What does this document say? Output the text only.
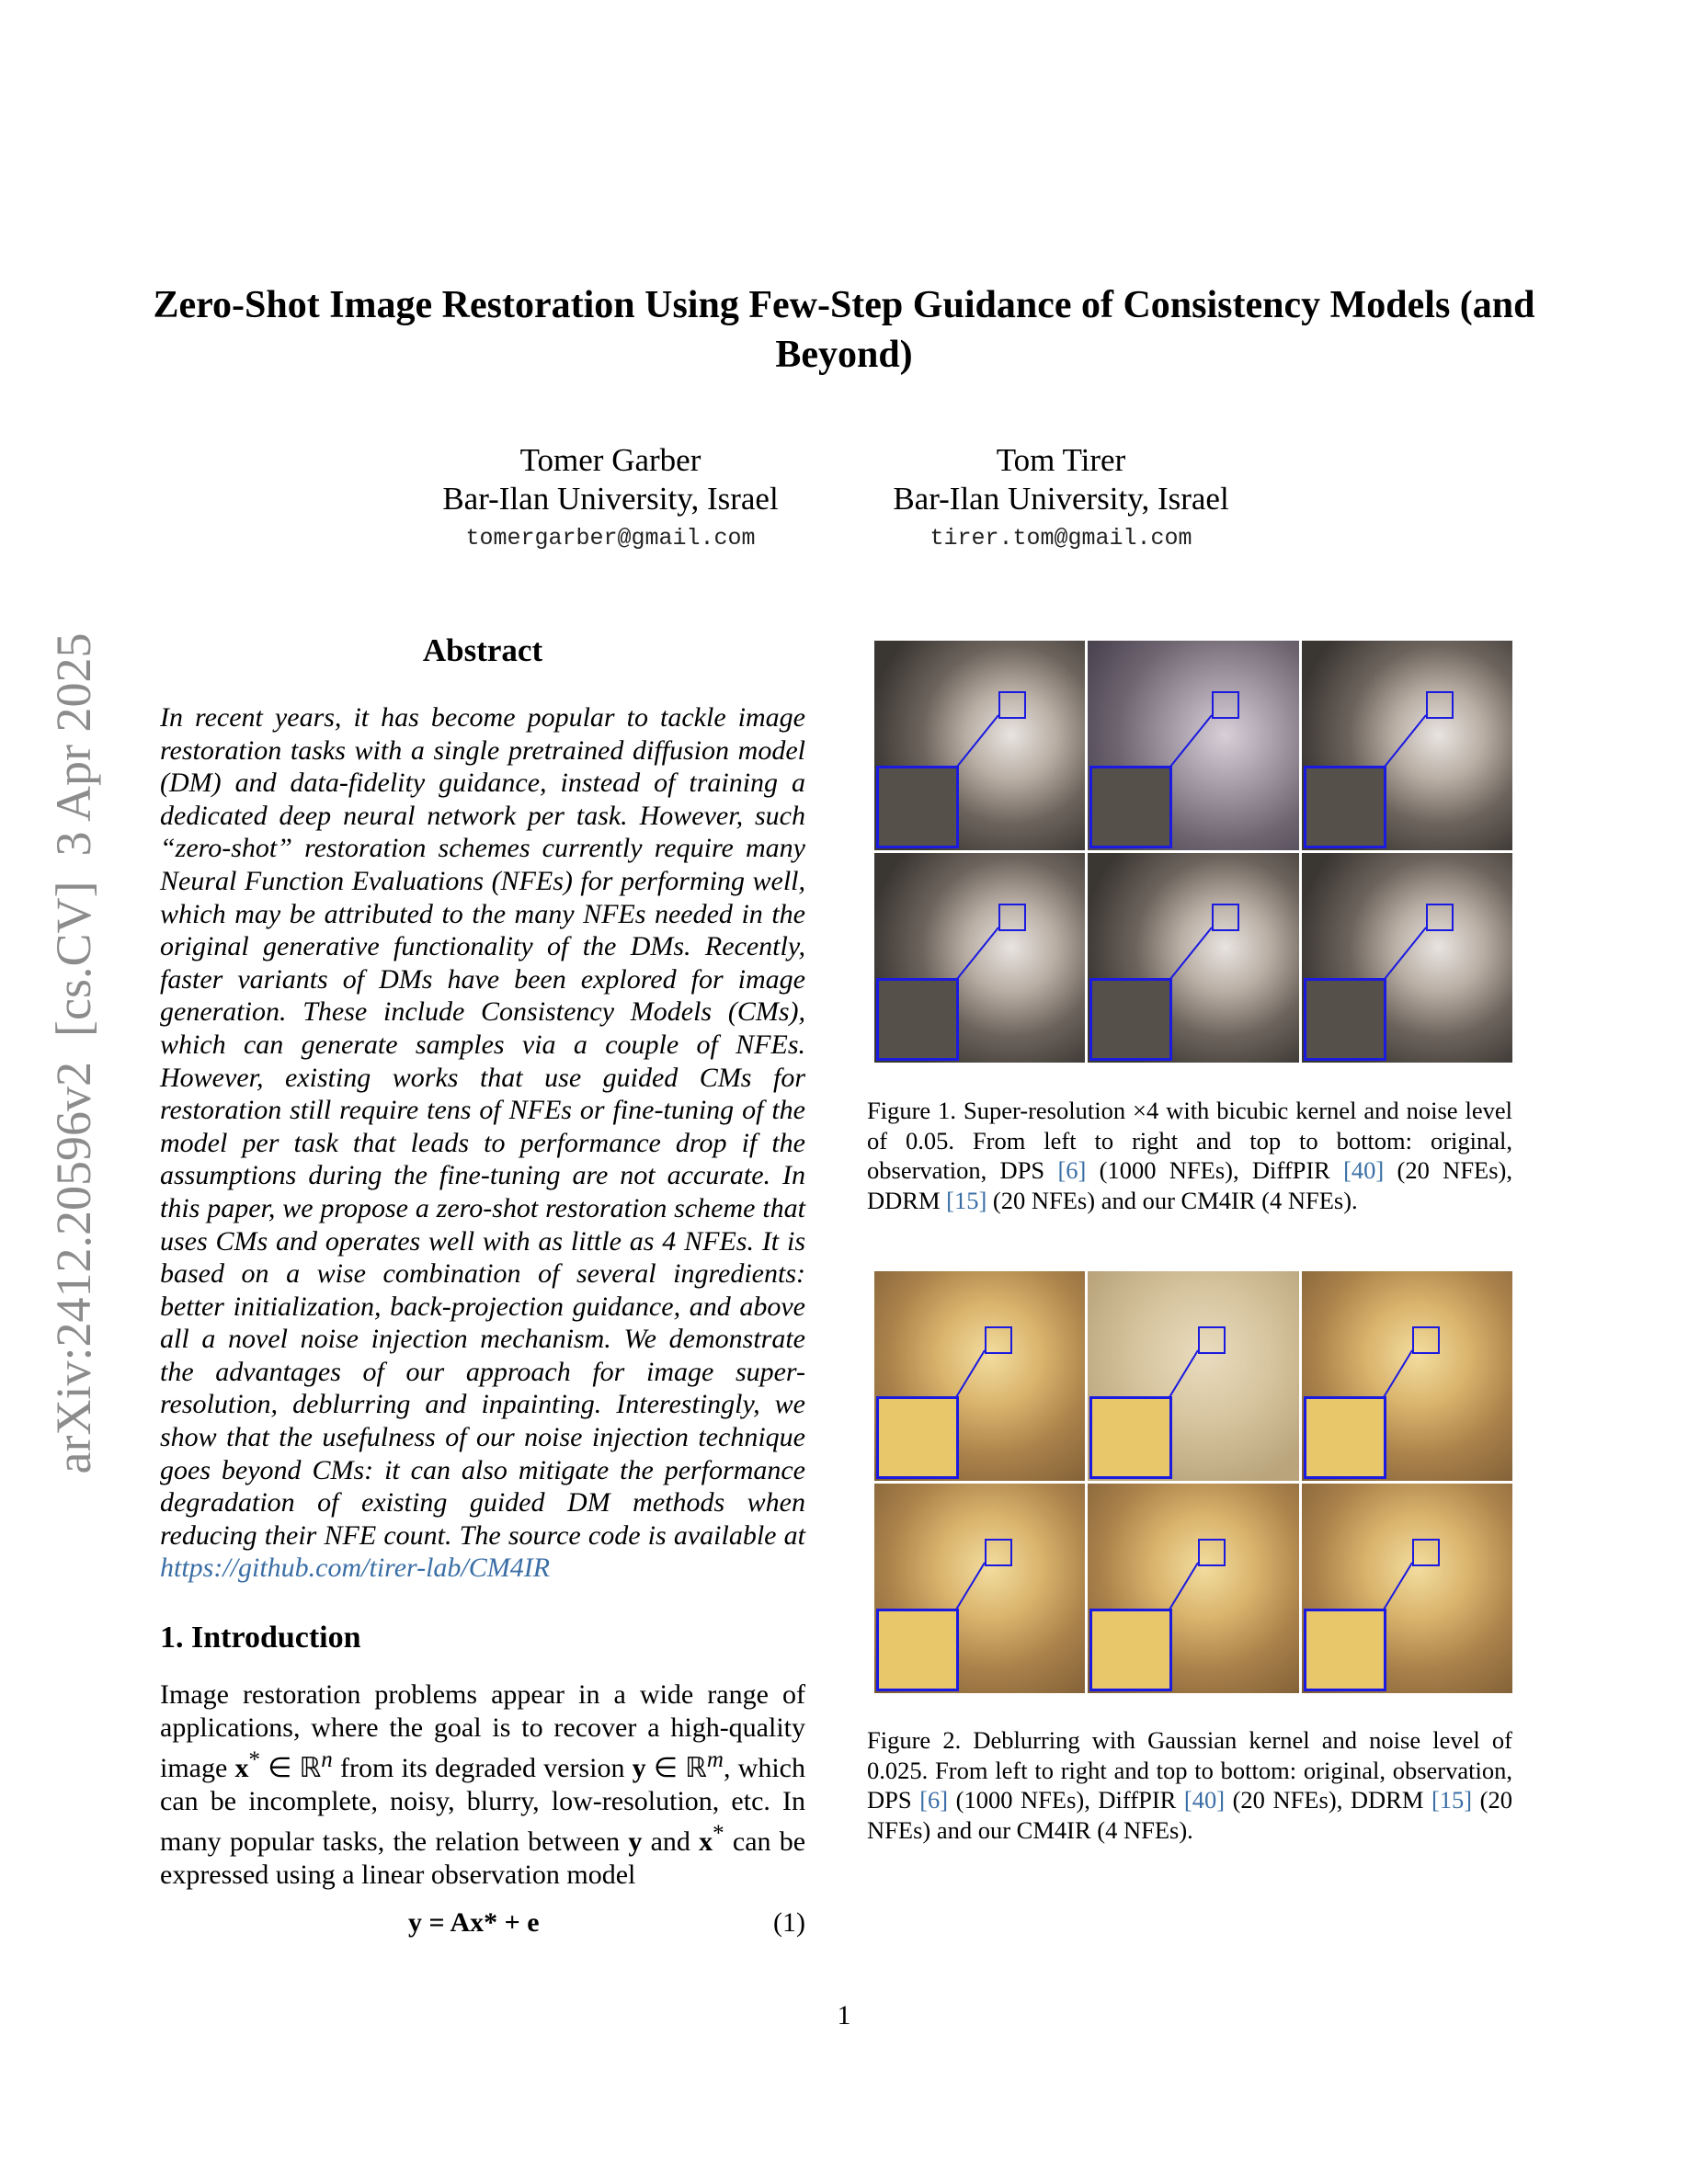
arXiv:2412.20596v2  [cs.CV]  3 Apr 2025
Zero-Shot Image Restoration Using Few-Step Guidance of Consistency Models (and Beyond)
Tomer Garber
Bar-Ilan University, Israel
tomergarber@gmail.com
Tom Tirer
Bar-Ilan University, Israel
tirer.tom@gmail.com
Abstract
In recent years, it has become popular to tackle image restoration tasks with a single pretrained diffusion model (DM) and data-fidelity guidance, instead of training a dedicated deep neural network per task. However, such “zero-shot” restoration schemes currently require many Neural Function Evaluations (NFEs) for performing well, which may be attributed to the many NFEs needed in the original generative functionality of the DMs. Recently, faster variants of DMs have been explored for image generation. These include Consistency Models (CMs), which can generate samples via a couple of NFEs. However, existing works that use guided CMs for restoration still require tens of NFEs or fine-tuning of the model per task that leads to performance drop if the assumptions during the fine-tuning are not accurate. In this paper, we propose a zero-shot restoration scheme that uses CMs and operates well with as little as 4 NFEs. It is based on a wise combination of several ingredients: better initialization, back-projection guidance, and above all a novel noise injection mechanism. We demonstrate the advantages of our approach for image super-resolution, deblurring and inpainting. Interestingly, we show that the usefulness of our noise injection technique goes beyond CMs: it can also mitigate the performance degradation of existing guided DM methods when reducing their NFE count. The source code is available at https://github.com/tirer-lab/CM4IR
1. Introduction
Image restoration problems appear in a wide range of applications, where the goal is to recover a high-quality image x* ∈ ℝ$^n$ from its degraded version y ∈ ℝ$^m$, which can be incomplete, noisy, blurry, low-resolution, etc. In many popular tasks, the relation between y and x* can be expressed using a linear observation model
y = Ax* + e	(1)
Figure 1. Super-resolution ×4 with bicubic kernel and noise level of 0.05. From left to right and top to bottom: original, observation, DPS [6] (1000 NFEs), DiffPIR [40] (20 NFEs), DDRM [15] (20 NFEs) and our CM4IR (4 NFEs).
Figure 2. Deblurring with Gaussian kernel and noise level of 0.025. From left to right and top to bottom: original, observation, DPS [6] (1000 NFEs), DiffPIR [40] (20 NFEs), DDRM [15] (20 NFEs) and our CM4IR (4 NFEs).
1
